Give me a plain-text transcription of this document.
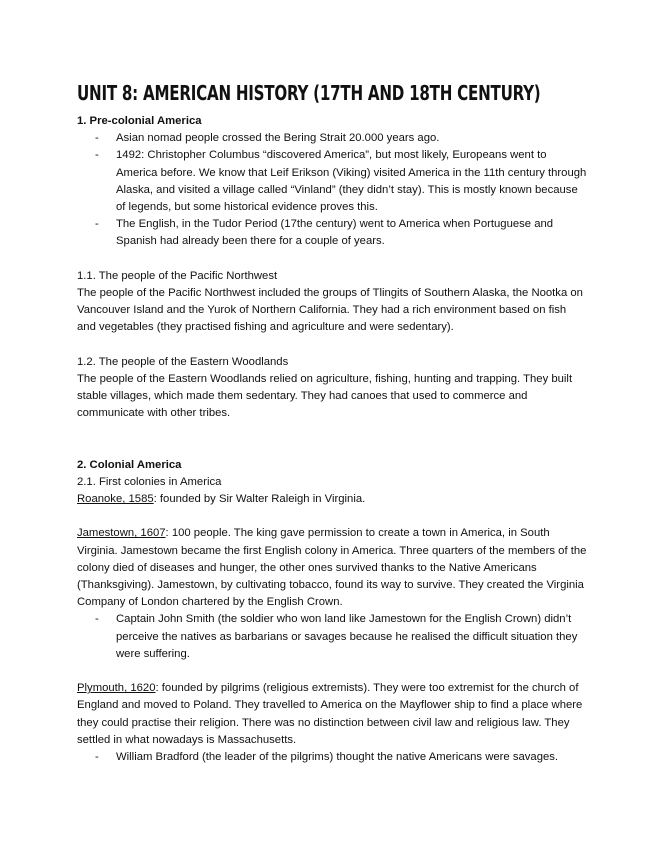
UNIT 8: AMERICAN HISTORY (17TH AND 18TH CENTURY)

1. Pre-colonial America

- Asian nomad people crossed the Bering Strait 20.000 years ago.
- 1492: Christopher Columbus “discovered America”, but most likely, Europeans went to America before. We know that Leif Erikson (Viking) visited America in the 11th century through Alaska, and visited a village called “Vinland” (they didn’t stay). This is mostly known because of legends, but some historical evidence proves this.
- The English, in the Tudor Period (17the century) went to America when Portuguese and Spanish had already been there for a couple of years.

1.1. The people of the Pacific Northwest

The people of the Pacific Northwest included the groups of Tlingits of Southern Alaska, the Nootka on Vancouver Island and the Yurok of Northern California. They had a rich environment based on fish and vegetables (they practised fishing and agriculture and were sedentary).

1.2. The people of the Eastern Woodlands

The people of the Eastern Woodlands relied on agriculture, fishing, hunting and trapping. They built stable villages, which made them sedentary. They had canoes that used to commerce and communicate with other tribes.

2. Colonial America

2.1. First colonies in America

Roanoke, 1585: founded by Sir Walter Raleigh in Virginia.

Jamestown, 1607: 100 people. The king gave permission to create a town in America, in South Virginia. Jamestown became the first English colony in America. Three quarters of the members of the colony died of diseases and hunger, the other ones survived thanks to the Native Americans (Thanksgiving). Jamestown, by cultivating tobacco, found its way to survive. They created the Virginia Company of London chartered by the English Crown.

- Captain John Smith (the soldier who won land like Jamestown for the English Crown) didn’t perceive the natives as barbarians or savages because he realised the difficult situation they were suffering.

Plymouth, 1620: founded by pilgrims (religious extremists). They were too extremist for the church of England and moved to Poland. They travelled to America on the Mayflower ship to find a place where they could practise their religion. There was no distinction between civil law and religious law. They settled in what nowadays is Massachusetts.

- William Bradford (the leader of the pilgrims) thought the native Americans were savages.
